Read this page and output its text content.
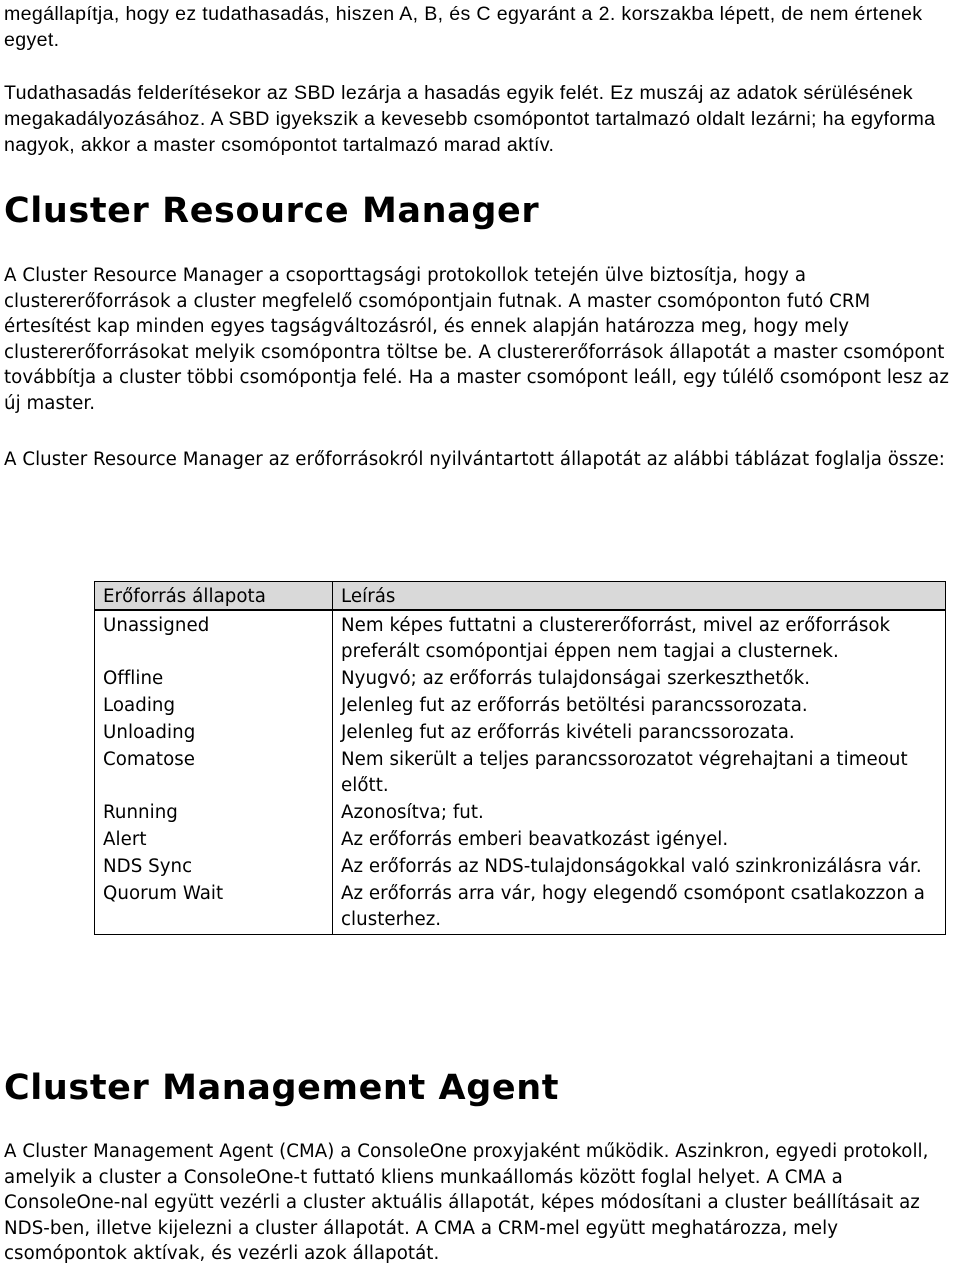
megállapítja, hogy ez tudathasadás, hiszen A, B, és C egyaránt a 2. korszakba lépett, de nem értenek egyet.

Tudathasadás felderítésekor az SBD lezárja a hasadás egyik felét. Ez muszáj az adatok sérülésének megakadályozásához. A SBD igyekszik a kevesebb csomópontot tartalmazó oldalt lezárni; ha egyforma nagyok, akkor a master csomópontot tartalmazó marad aktív.

Cluster Resource Manager

A Cluster Resource Manager a csoporttagsági protokollok tetején ülve biztosítja, hogy a clustererőforrások a cluster megfelelő csomópontjain futnak. A master csomóponton futó CRM értesítést kap minden egyes tagságváltozásról, és ennek alapján határozza meg, hogy mely clustererőforrásokat melyik csomópontra töltse be. A clustererőforrások állapotát a master csomópont továbbítja a cluster többi csomópontja felé. Ha a master csomópont leáll, egy túlélő csomópont lesz az új master.

A Cluster Resource Manager az erőforrásokról nyilvántartott állapotát az alábbi táblázat foglalja össze:

Erőforrás állapota	Leírás
Unassigned	Nem képes futtatni a clustererőforrást, mivel az erőforrások preferált csomópontjai éppen nem tagjai a clusternek.
Offline	Nyugvó; az erőforrás tulajdonságai szerkeszthetők.
Loading	Jelenleg fut az erőforrás betöltési parancssorozata.
Unloading	Jelenleg fut az erőforrás kivételi parancssorozata.
Comatose	Nem sikerült a teljes parancssorozatot végrehajtani a timeout előtt.
Running	Azonosítva; fut.
Alert	Az erőforrás emberi beavatkozást igényel.
NDS Sync	Az erőforrás az NDS-tulajdonságokkal való szinkronizálásra vár.
Quorum Wait	Az erőforrás arra vár, hogy elegendő csomópont csatlakozzon a clusterhez.
Cluster Management Agent

A Cluster Management Agent (CMA) a ConsoleOne proxyjaként működik. Aszinkron, egyedi protokoll, amelyik a cluster a ConsoleOne-t futtató kliens munkaállomás között foglal helyet. A CMA a ConsoleOne-nal együtt vezérli a cluster aktuális állapotát, képes módosítani a cluster beállításait az NDS-ben, illetve kijelezni a cluster állapotát. A CMA a CRM-mel együtt meghatározza, mely csomópontok aktívak, és vezérli azok állapotát.
